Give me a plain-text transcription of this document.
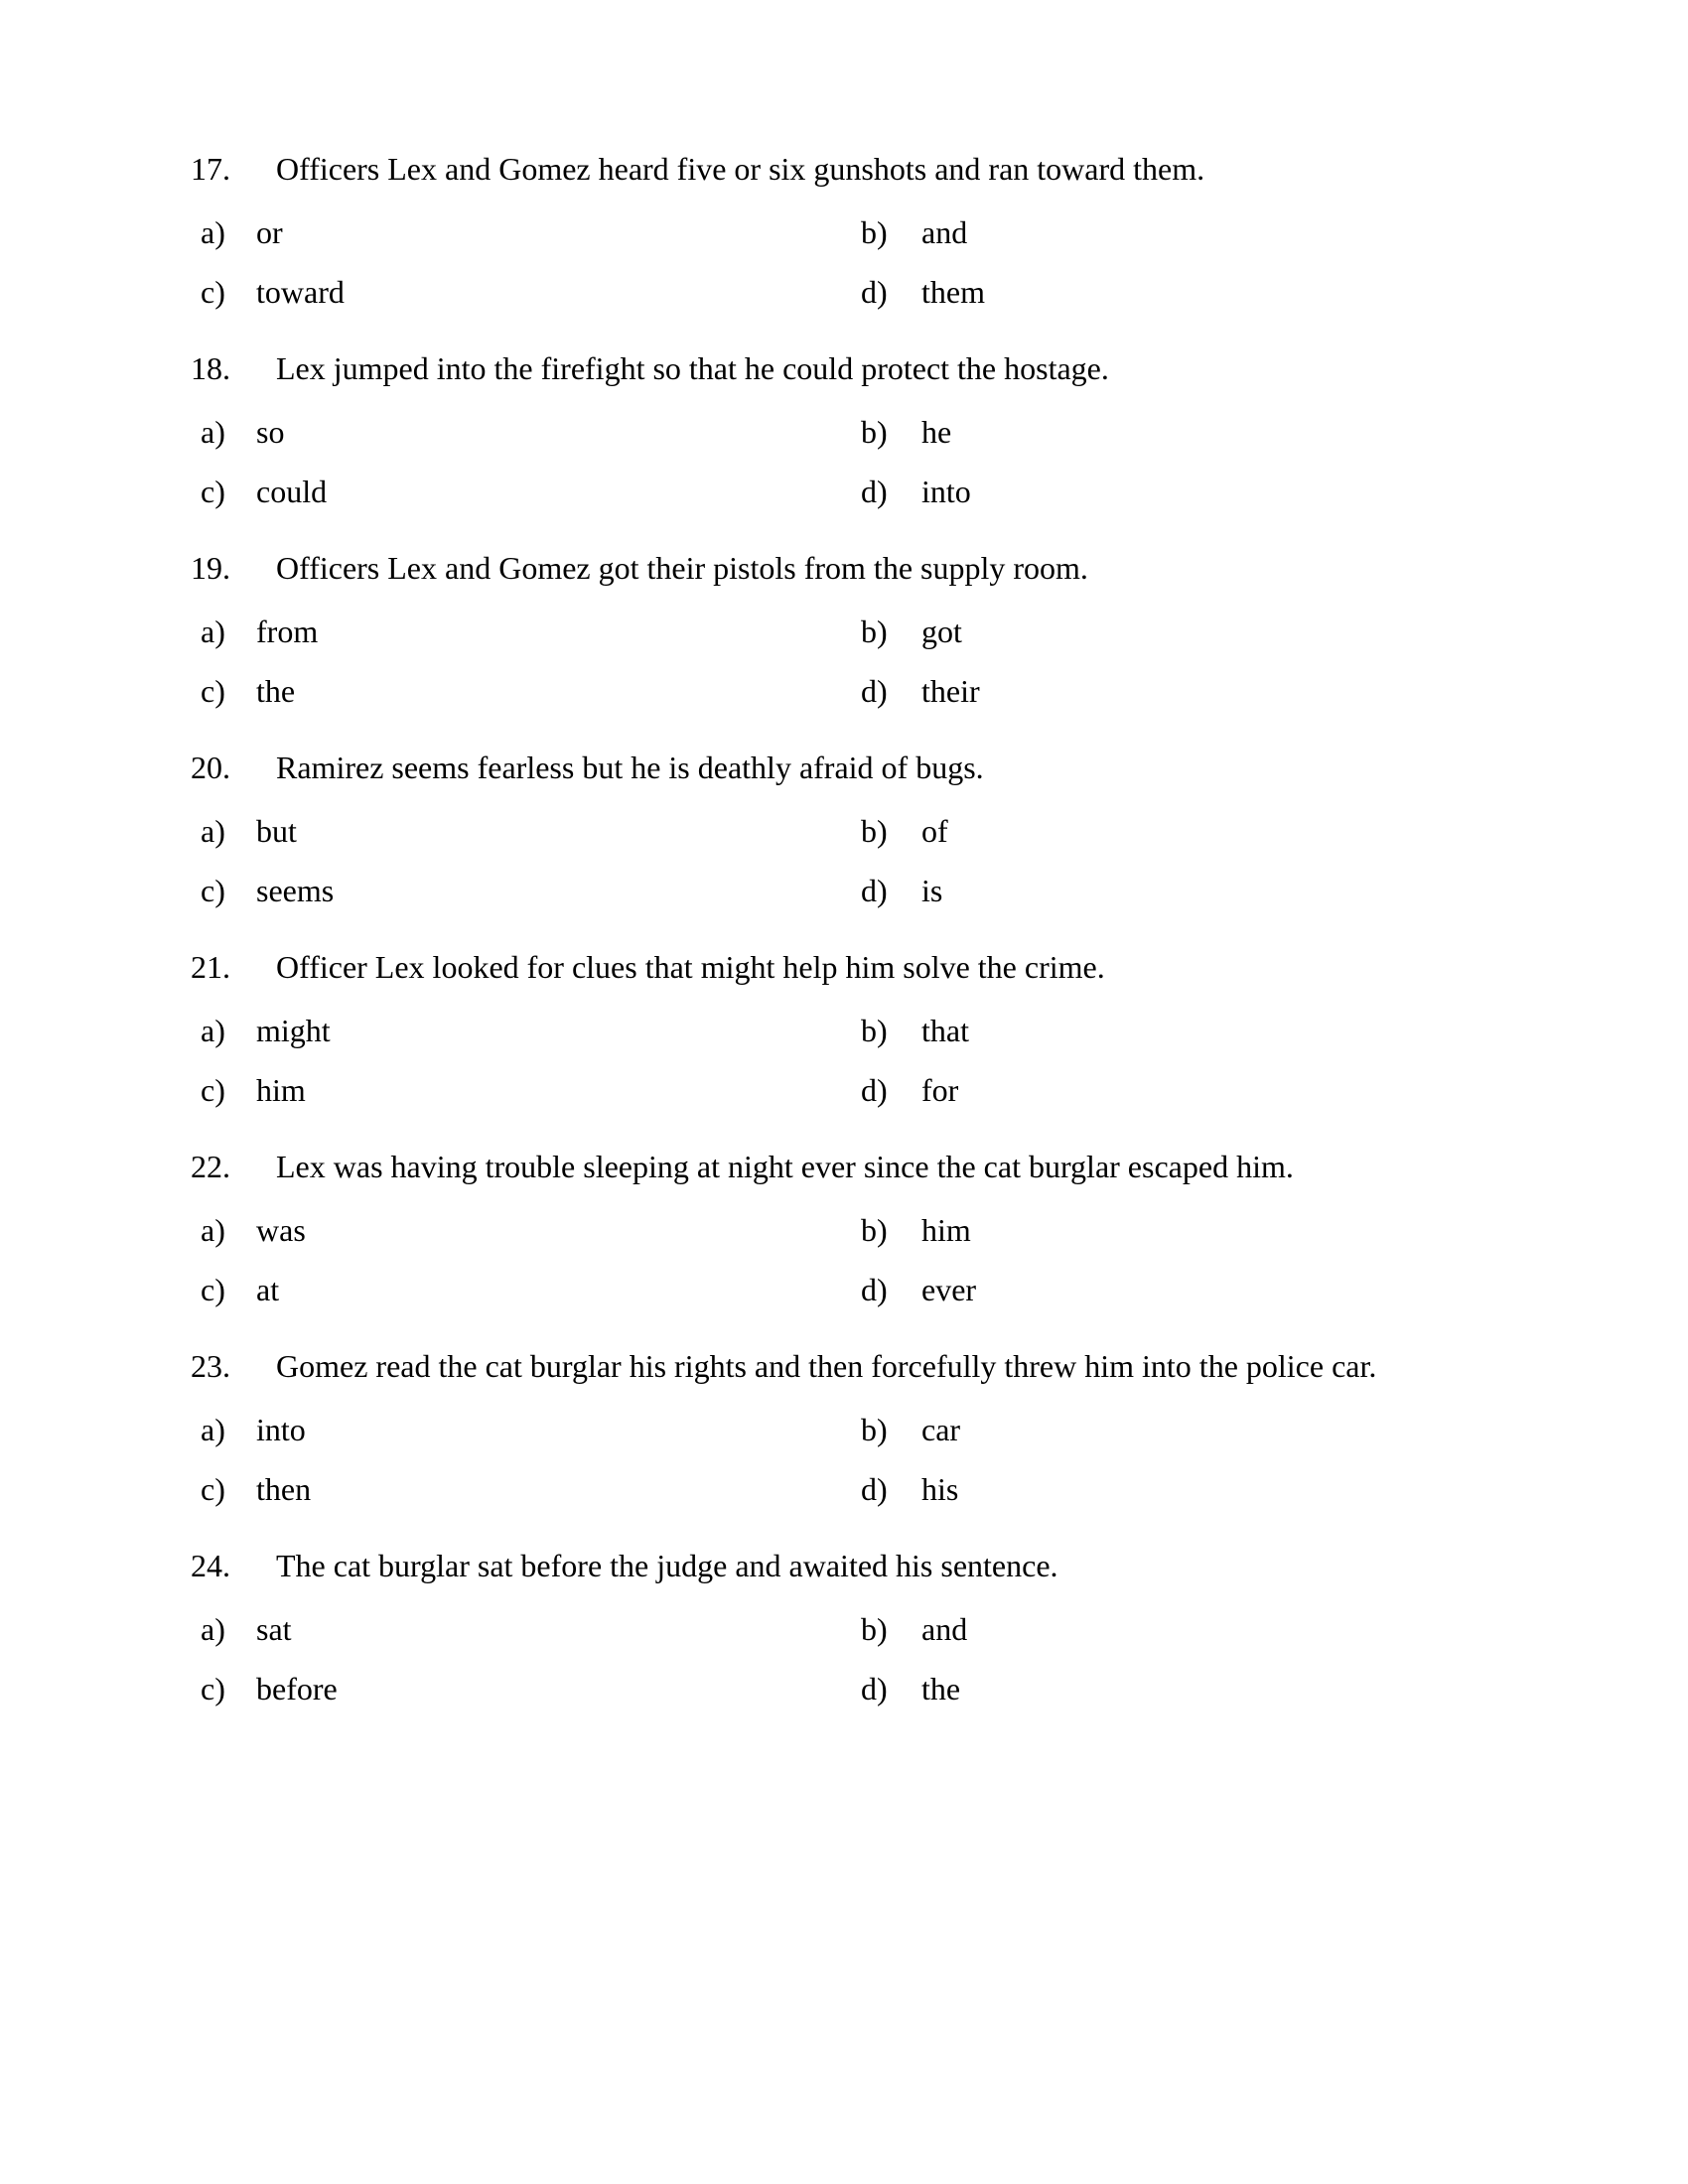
17.	Officers Lex and Gomez heard five or six gunshots and ran toward them.
a) or	b)	and
c) toward	d)	them
18.	Lex jumped into the firefight so that he could protect the hostage.
a) so	b)	he
c) could	d)	into
19.	Officers Lex and Gomez got their pistols from the supply room.
a) from	b)	got
c) the	d)	their
20.	Ramirez seems fearless but he is deathly afraid of bugs.
a) but	b)	of
c) seems	d)	is
21.	Officer Lex looked for clues that might help him solve the crime.
a) might	b)	that
c) him	d)	for
22.	Lex was having trouble sleeping at night ever since the cat burglar escaped him.
a) was	b)	him
c) at	d)	ever
23.	Gomez read the cat burglar his rights and then forcefully threw him into the police car.
a) into	b)	car
c) then	d)	his
24.	The cat burglar sat before the judge and awaited his sentence.
a) sat	b)	and
c) before	d)	the
